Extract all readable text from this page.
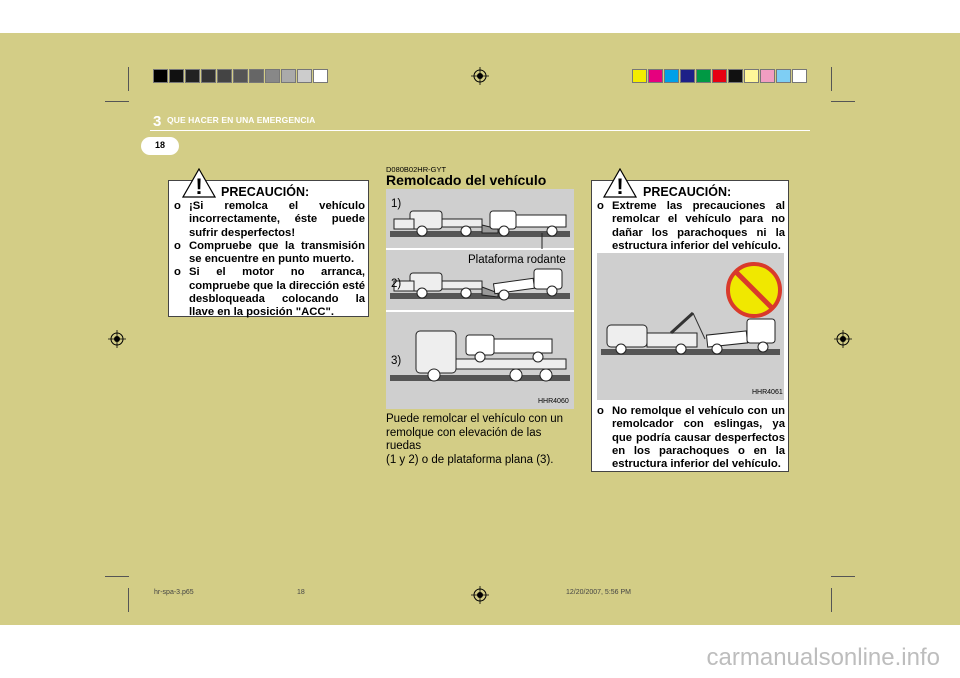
3 QUE HACER EN UNA EMERGENCIA
18
! PRECAUCIÓN:
o ¡Si remolca el vehículo incorrectamente, éste puede sufrir desperfectos!
o Compruebe que la transmisión se encuentre en punto muerto.
o Si el motor no arranca, compruebe que la dirección esté desbloqueada colocando la llave en la posición "ACC".
D080B02HR-GYT
Remolcado del vehículo
1)
2)
3)
Plataforma rodante
HHR4060
Puede remolcar el vehículo con un
remolque con elevación de las ruedas
(1 y 2) o de plataforma plana (3).
! PRECAUCIÓN:
o Extreme las precauciones al remolcar el vehículo para no dañar los parachoques ni la estructura inferior del vehículo.
HHR4061
o No remolque el vehículo con un remolcador con eslingas, ya que podría causar desperfectos en los parachoques o en la estructura inferior del vehículo.
hr-spa-3.p65	18	12/20/2007, 5:56 PM
carmanualsonline.info
